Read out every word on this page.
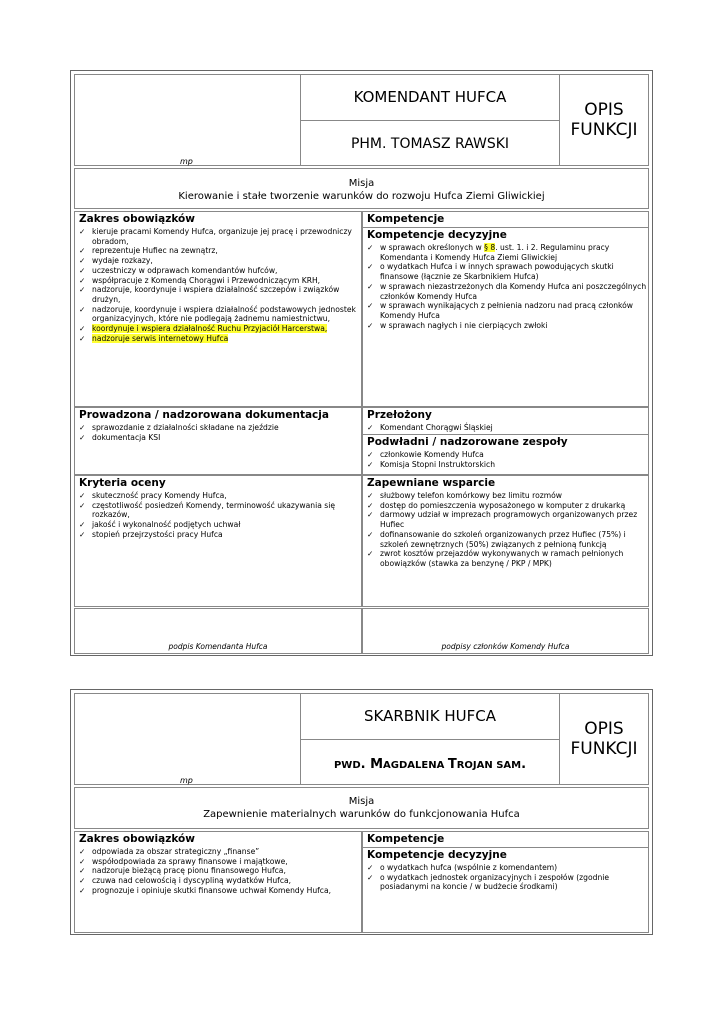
mp
KOMENDANT HUFCA
PHM. TOMASZ RAWSKI
OPIS
FUNKCJI
Misja
Kierowanie i stałe tworzenie warunków do rozwoju Hufca Ziemi Gliwickiej
Zakres obowiązków
✓ kieruje pracami Komendy Hufca, organizuje jej pracę i przewodniczy obradom,
✓ reprezentuje Hufiec na zewnątrz,
✓ wydaje rozkazy,
✓ uczestniczy w odprawach komendantów hufców,
✓ współpracuje z Komendą Chorągwi i Przewodniczącym KRH,
✓ nadzoruje, koordynuje i wspiera działalność szczepów i związków drużyn,
✓ nadzoruje, koordynuje i wspiera działalność podstawowych jednostek organizacyjnych, które nie podlegają żadnemu namiestnictwu,
✓ koordynuje i wspiera działalność Ruchu Przyjaciół Harcerstwa,
✓ nadzoruje serwis internetowy Hufca
Kompetencje
Kompetencje decyzyjne
✓ w sprawach określonych w § 8. ust. 1. i 2. Regulaminu pracy Komendanta i Komendy Hufca Ziemi Gliwickiej
✓ o wydatkach Hufca i w innych sprawach powodujących skutki finansowe (łącznie ze Skarbnikiem Hufca)
✓ w sprawach niezastrzeżonych dla Komendy Hufca ani poszczególnych członków Komendy Hufca
✓ w sprawach wynikających z pełnienia nadzoru nad pracą członków Komendy Hufca
✓ w sprawach nagłych i nie cierpiących zwłoki
Prowadzona / nadzorowana dokumentacja
✓ sprawozdanie z działalności składane na zjeździe
✓ dokumentacja KSI
Przełożony
✓ Komendant Chorągwi Śląskiej
Podwładni / nadzorowane zespoły
✓ członkowie Komendy Hufca
✓ Komisja Stopni Instruktorskich
Kryteria oceny
✓ skuteczność pracy Komendy Hufca,
✓ częstotliwość posiedzeń Komendy, terminowość ukazywania się rozkazów,
✓ jakość i wykonalność podjętych uchwał
✓ stopień przejrzystości pracy Hufca
Zapewniane wsparcie
✓ służbowy telefon komórkowy bez limitu rozmów
✓ dostęp do pomieszczenia wyposażonego w komputer z drukarką
✓ darmowy udział w imprezach programowych organizowanych przez Hufiec
✓ dofinansowanie do szkoleń organizowanych przez Hufiec (75%) i szkoleń zewnętrznych (50%) związanych z pełnioną funkcją
✓ zwrot kosztów przejazdów wykonywanych w ramach pełnionych obowiązków (stawka za benzynę / PKP / MPK)
podpis Komendanta Hufca	podpisy członków Komendy Hufca
mp
SKARBNIK HUFCA
PWD. MAGDALENA TROJAN SAM.
OPIS
FUNKCJI
Misja
Zapewnienie materialnych warunków do funkcjonowania Hufca
Zakres obowiązków
✓ odpowiada za obszar strategiczny „finanse”
✓ współodpowiada za sprawy finansowe i majątkowe,
✓ nadzoruje bieżącą pracę pionu finansowego Hufca,
✓ czuwa nad celowością i dyscypliną wydatków Hufca,
✓ prognozuje i opiniuje skutki finansowe uchwał Komendy Hufca,
Kompetencje
Kompetencje decyzyjne
✓ o wydatkach hufca (wspólnie z komendantem)
✓ o wydatkach jednostek organizacyjnych i zespołów (zgodnie posiadanymi na koncie / w budżecie środkami)
